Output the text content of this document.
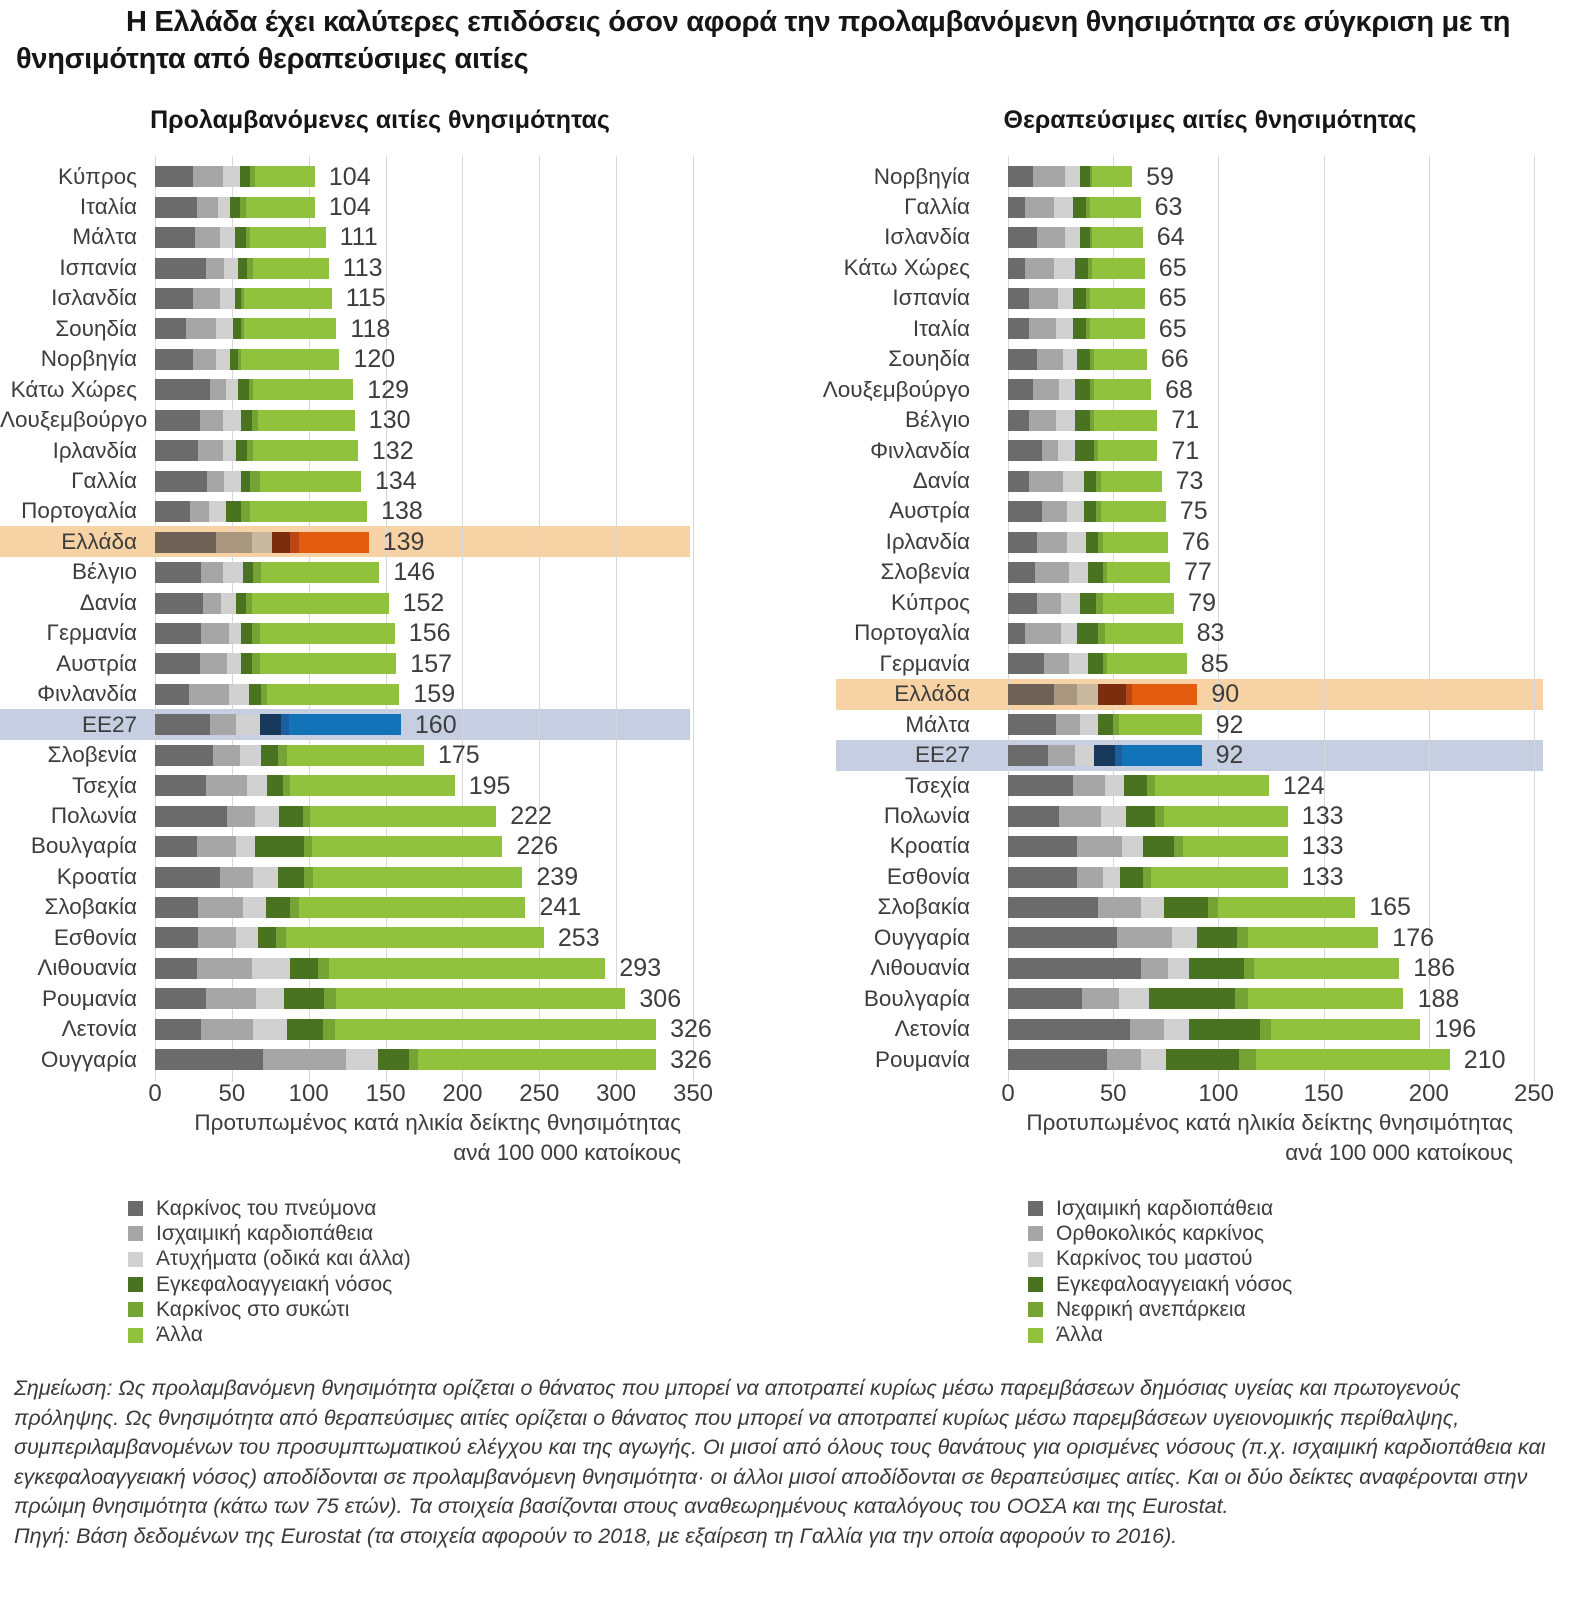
Η Ελλάδα έχει καλύτερες επιδόσεις όσον αφορά την προλαμβανόμενη θνησιμότητα σε σύγκριση με τη θνησιμότητα από θεραπεύσιμες αιτίες
Προλαμβανόμενες αιτίες θνησιμότητας	Θεραπεύσιμες αιτίες θνησιμότητας
0 50 100 150 200 250 300 350
Κύπρος	104
Ιταλία	104
Μάλτα	111
Ισπανία	113
Ισλανδία	115
Σουηδία	118
Νορβηγία	120
Κάτω Χώρες	129
Λουξεμβούργο	130
Ιρλανδία	132
Γαλλία	134
Πορτογαλία	138
Ελλάδα	139
Βέλγιο	146
Δανία	152
Γερμανία	156
Αυστρία	157
Φινλανδία	159
ΕΕ27	160
Σλοβενία	175
Τσεχία	195
Πολωνία	222
Βουλγαρία	226
Κροατία	239
Σλοβακία	241
Εσθονία	253
Λιθουανία	293
Ρουμανία	306
Λετονία	326
Ουγγαρία	326
0	50	100	150	200	250
Νορβηγία	59
Γαλλία	63
Ισλανδία	64
Κάτω Χώρες	65
Ισπανία	65
Ιταλία	65
Σουηδία	66
Λουξεμβούργο	68
Βέλγιο	71
Φινλανδία	71
Δανία	73
Αυστρία	75
Ιρλανδία	76
Σλοβενία	77
Κύπρος	79
Πορτογαλία	83
Γερμανία	85
Ελλάδα	90
Μάλτα	92
ΕΕ27	92
Τσεχία	124
Πολωνία	133
Κροατία	133
Εσθονία	133
Σλοβακία	165
Ουγγαρία	176
Λιθουανία	186
Βουλγαρία	188
Λετονία	196
Ρουμανία	210
Προτυπωμένος κατά ηλικία δείκτης θνησιμότητας
ανά 100 000 κατοίκους
Προτυπωμένος κατά ηλικία δείκτης θνησιμότητας
ανά 100 000 κατοίκους
Καρκίνος του πνεύμονα
Ισχαιμική καρδιοπάθεια
Ατυχήματα (οδικά και άλλα)
Εγκεφαλοαγγειακή νόσος
Καρκίνος στο συκώτι
Άλλα
Ισχαιμική καρδιοπάθεια
Ορθοκολικός καρκίνος
Καρκίνος του μαστού
Εγκεφαλοαγγειακή νόσος
Νεφρική ανεπάρκεια
Άλλα

Σημείωση: Ως προλαμβανόμενη θνησιμότητα ορίζεται ο θάνατος που μπορεί να αποτραπεί κυρίως μέσω παρεμβάσεων δημόσιας υγείας και πρωτογενούς πρόληψης. Ως θνησιμότητα από θεραπεύσιμες αιτίες ορίζεται ο θάνατος που μπορεί να αποτραπεί κυρίως μέσω παρεμβάσεων υγειονομικής περίθαλψης, συμπεριλαμβανομένων του προσυμπτωματικού ελέγχου και της αγωγής. Οι μισοί από όλους τους θανάτους για ορισμένες νόσους (π.χ. ισχαιμική καρδιοπάθεια και εγκεφαλοαγγειακή νόσος) αποδίδονται σε προλαμβανόμενη θνησιμότητα· οι άλλοι μισοί αποδίδονται σε θεραπεύσιμες αιτίες. Και οι δύο δείκτες αναφέρονται στην πρώιμη θνησιμότητα (κάτω των 75 ετών). Τα στοιχεία βασίζονται στους αναθεωρημένους καταλόγους του ΟΟΣΑ και της Eurostat.

Πηγή: Βάση δεδομένων της Eurostat (τα στοιχεία αφορούν το 2018, με εξαίρεση τη Γαλλία για την οποία αφορούν το 2016).
